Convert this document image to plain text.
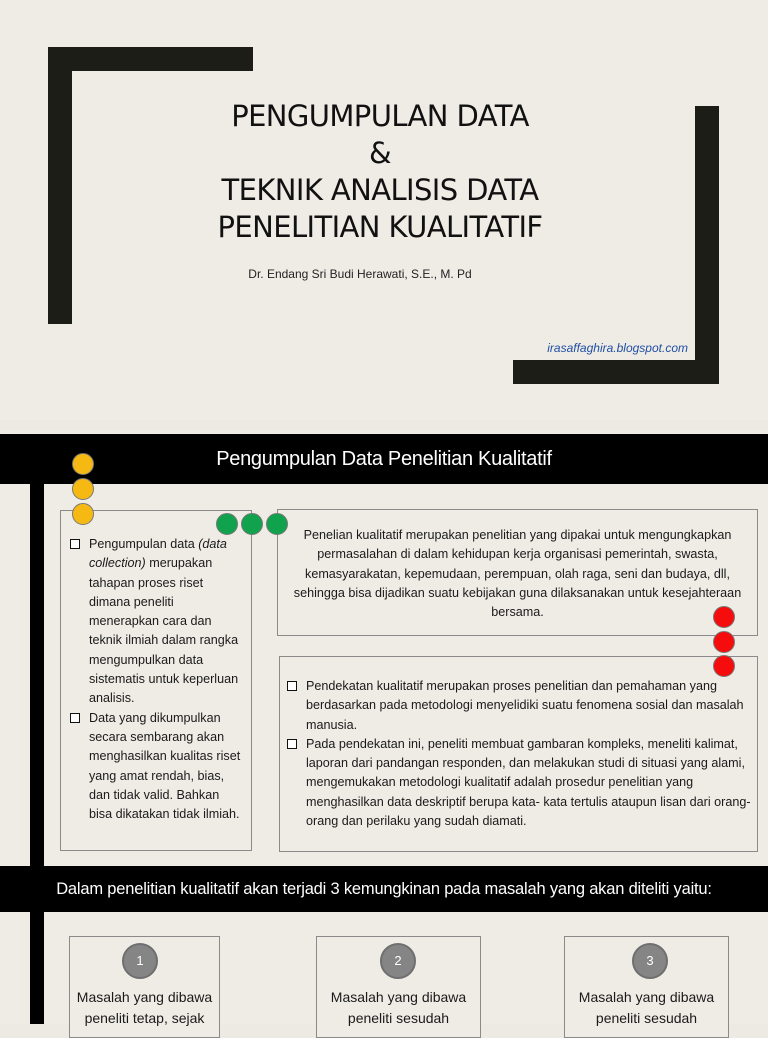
PENGUMPULAN DATA
&
TEKNIK ANALISIS DATA
PENELITIAN KUALITATIF
Dr. Endang Sri Budi Herawati, S.E., M. Pd
irasaffaghira.blogspot.com
Pengumpulan Data Penelitian Kualitatif
Pengumpulan data (data collection) merupakan tahapan proses riset dimana peneliti menerapkan cara dan teknik ilmiah dalam rangka mengumpulkan data sistematis untuk keperluan analisis.
Data yang dikumpulkan secara sembarang akan menghasilkan kualitas riset yang amat rendah, bias, dan tidak valid. Bahkan bisa dikatakan tidak ilmiah.
Penelian kualitatif merupakan penelitian yang dipakai untuk mengungkapkan permasalahan di dalam kehidupan kerja organisasi pemerintah, swasta, kemasyarakatan, kepemudaan, perempuan, olah raga, seni dan budaya, dll, sehingga bisa dijadikan suatu kebijakan guna dilaksanakan untuk kesejahteraan bersama.
Pendekatan kualitatif merupakan proses penelitian dan pemahaman yang berdasarkan pada metodologi menyelidiki suatu fenomena sosial dan masalah manusia.
Pada pendekatan ini, peneliti membuat gambaran kompleks, meneliti kalimat, laporan dari pandangan responden, dan melakukan studi di situasi yang alami, mengemukakan metodologi kualitatif adalah prosedur penelitian yang menghasilkan data deskriptif berupa kata- kata tertulis ataupun lisan dari orang-orang dan perilaku yang sudah diamati.
Dalam penelitian kualitatif akan terjadi 3 kemungkinan pada masalah yang akan diteliti yaitu:
Masalah yang dibawa peneliti tetap, sejak
1
Masalah yang dibawa peneliti sesudah
2
Masalah yang dibawa peneliti sesudah
3
